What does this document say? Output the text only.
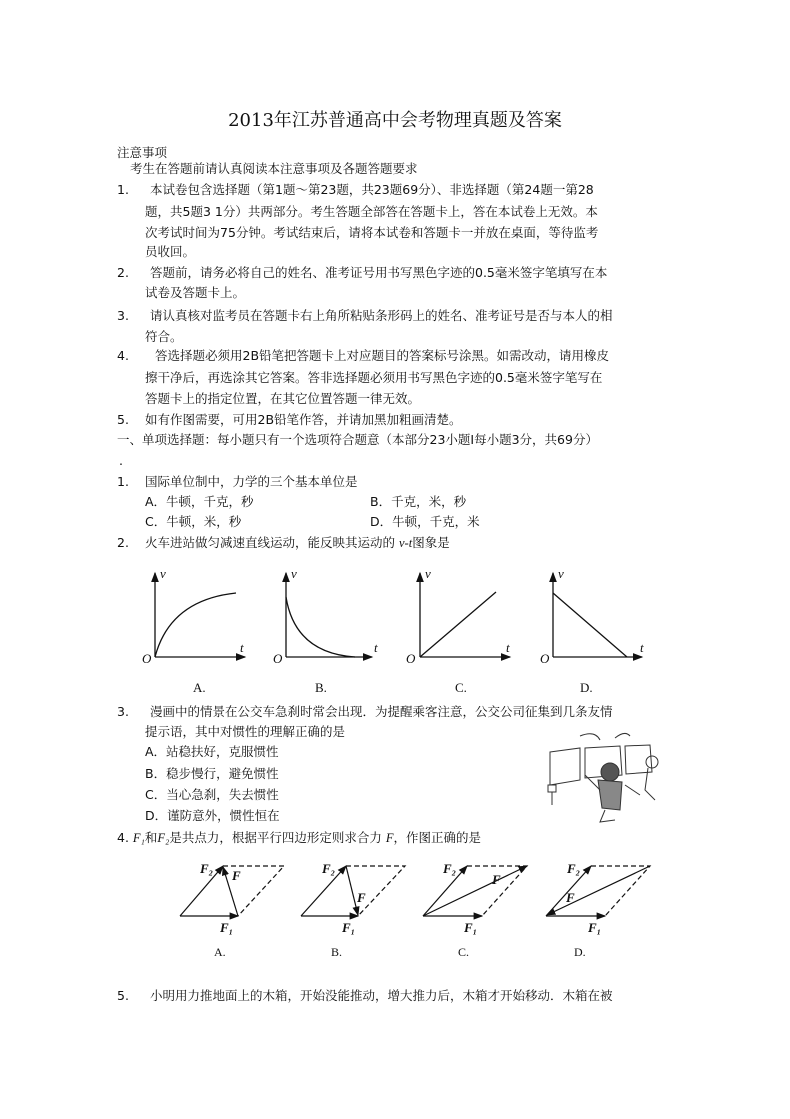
2013年江苏普通高中会考物理真题及答案
注意事项
考生在答题前请认真阅读本注意事项及各题答题要求
1. 本试卷包含选择题（第1题～第23题，共23题69分）、非选择题（第24题一第28
题，共5题3 1分）共两部分。考生答题全部答在答题卡上，答在本试卷上无效。本
次考试时间为75分钟。考试结束后，请将本试卷和答题卡一并放在桌面，等待监考
员收回。
2. 答题前，请务必将自己的姓名、准考证号用书写黑色字迹的0.5毫米签字笔填写在本
试卷及答题卡上。
3. 请认真核对监考员在答题卡右上角所粘贴条形码上的姓名、准考证号是否与本人的相
符合。
4. 答选择题必须用2B铅笔把答题卡上对应题目的答案标号涂黑。如需改动，请用橡皮
擦干净后，再选涂其它答案。答非选择题必须用书写黑色字迹的0.5毫米签字笔写在
答题卡上的指定位置，在其它位置答题一律无效。
5. 如有作图需要，可用2B铅笔作答，并请加黑加粗画清楚。
一、单项选择题：每小题只有一个选项符合题意（本部分23小题I每小题3分，共69分）
.
1. 国际单位制中，力学的三个基本单位是
A．牛顿，千克，秒	B．千克，米，秒
C．牛顿，米，秒	D．牛顿，千克，米
2. 火车进站做匀减速直线运动，能反映其运动的 v-t图象是
v	v	v	v
t	t	t	t
O	O	O	O
A.	B.	C.	D.
3. 漫画中的情景在公交车急刹时常会出现．为提醒乘客注意，公交公司征集到几条友情
提示语，其中对惯性的理解正确的是
A．站稳扶好，克服惯性
B．稳步慢行，避免惯性
C．当心急刹，失去惯性
D．谨防意外，惯性恒在
4. F₁和F₂是共点力，根据平行四边形定则求合力 F，作图正确的是
F₂ F
F₁
F₂
F
F₁
F₂
F
F₁
F₂
F
F₁
A.	B.	C.	D.
5. 小明用力推地面上的木箱，开始没能推动，增大推力后，木箱才开始移动．木箱在被
